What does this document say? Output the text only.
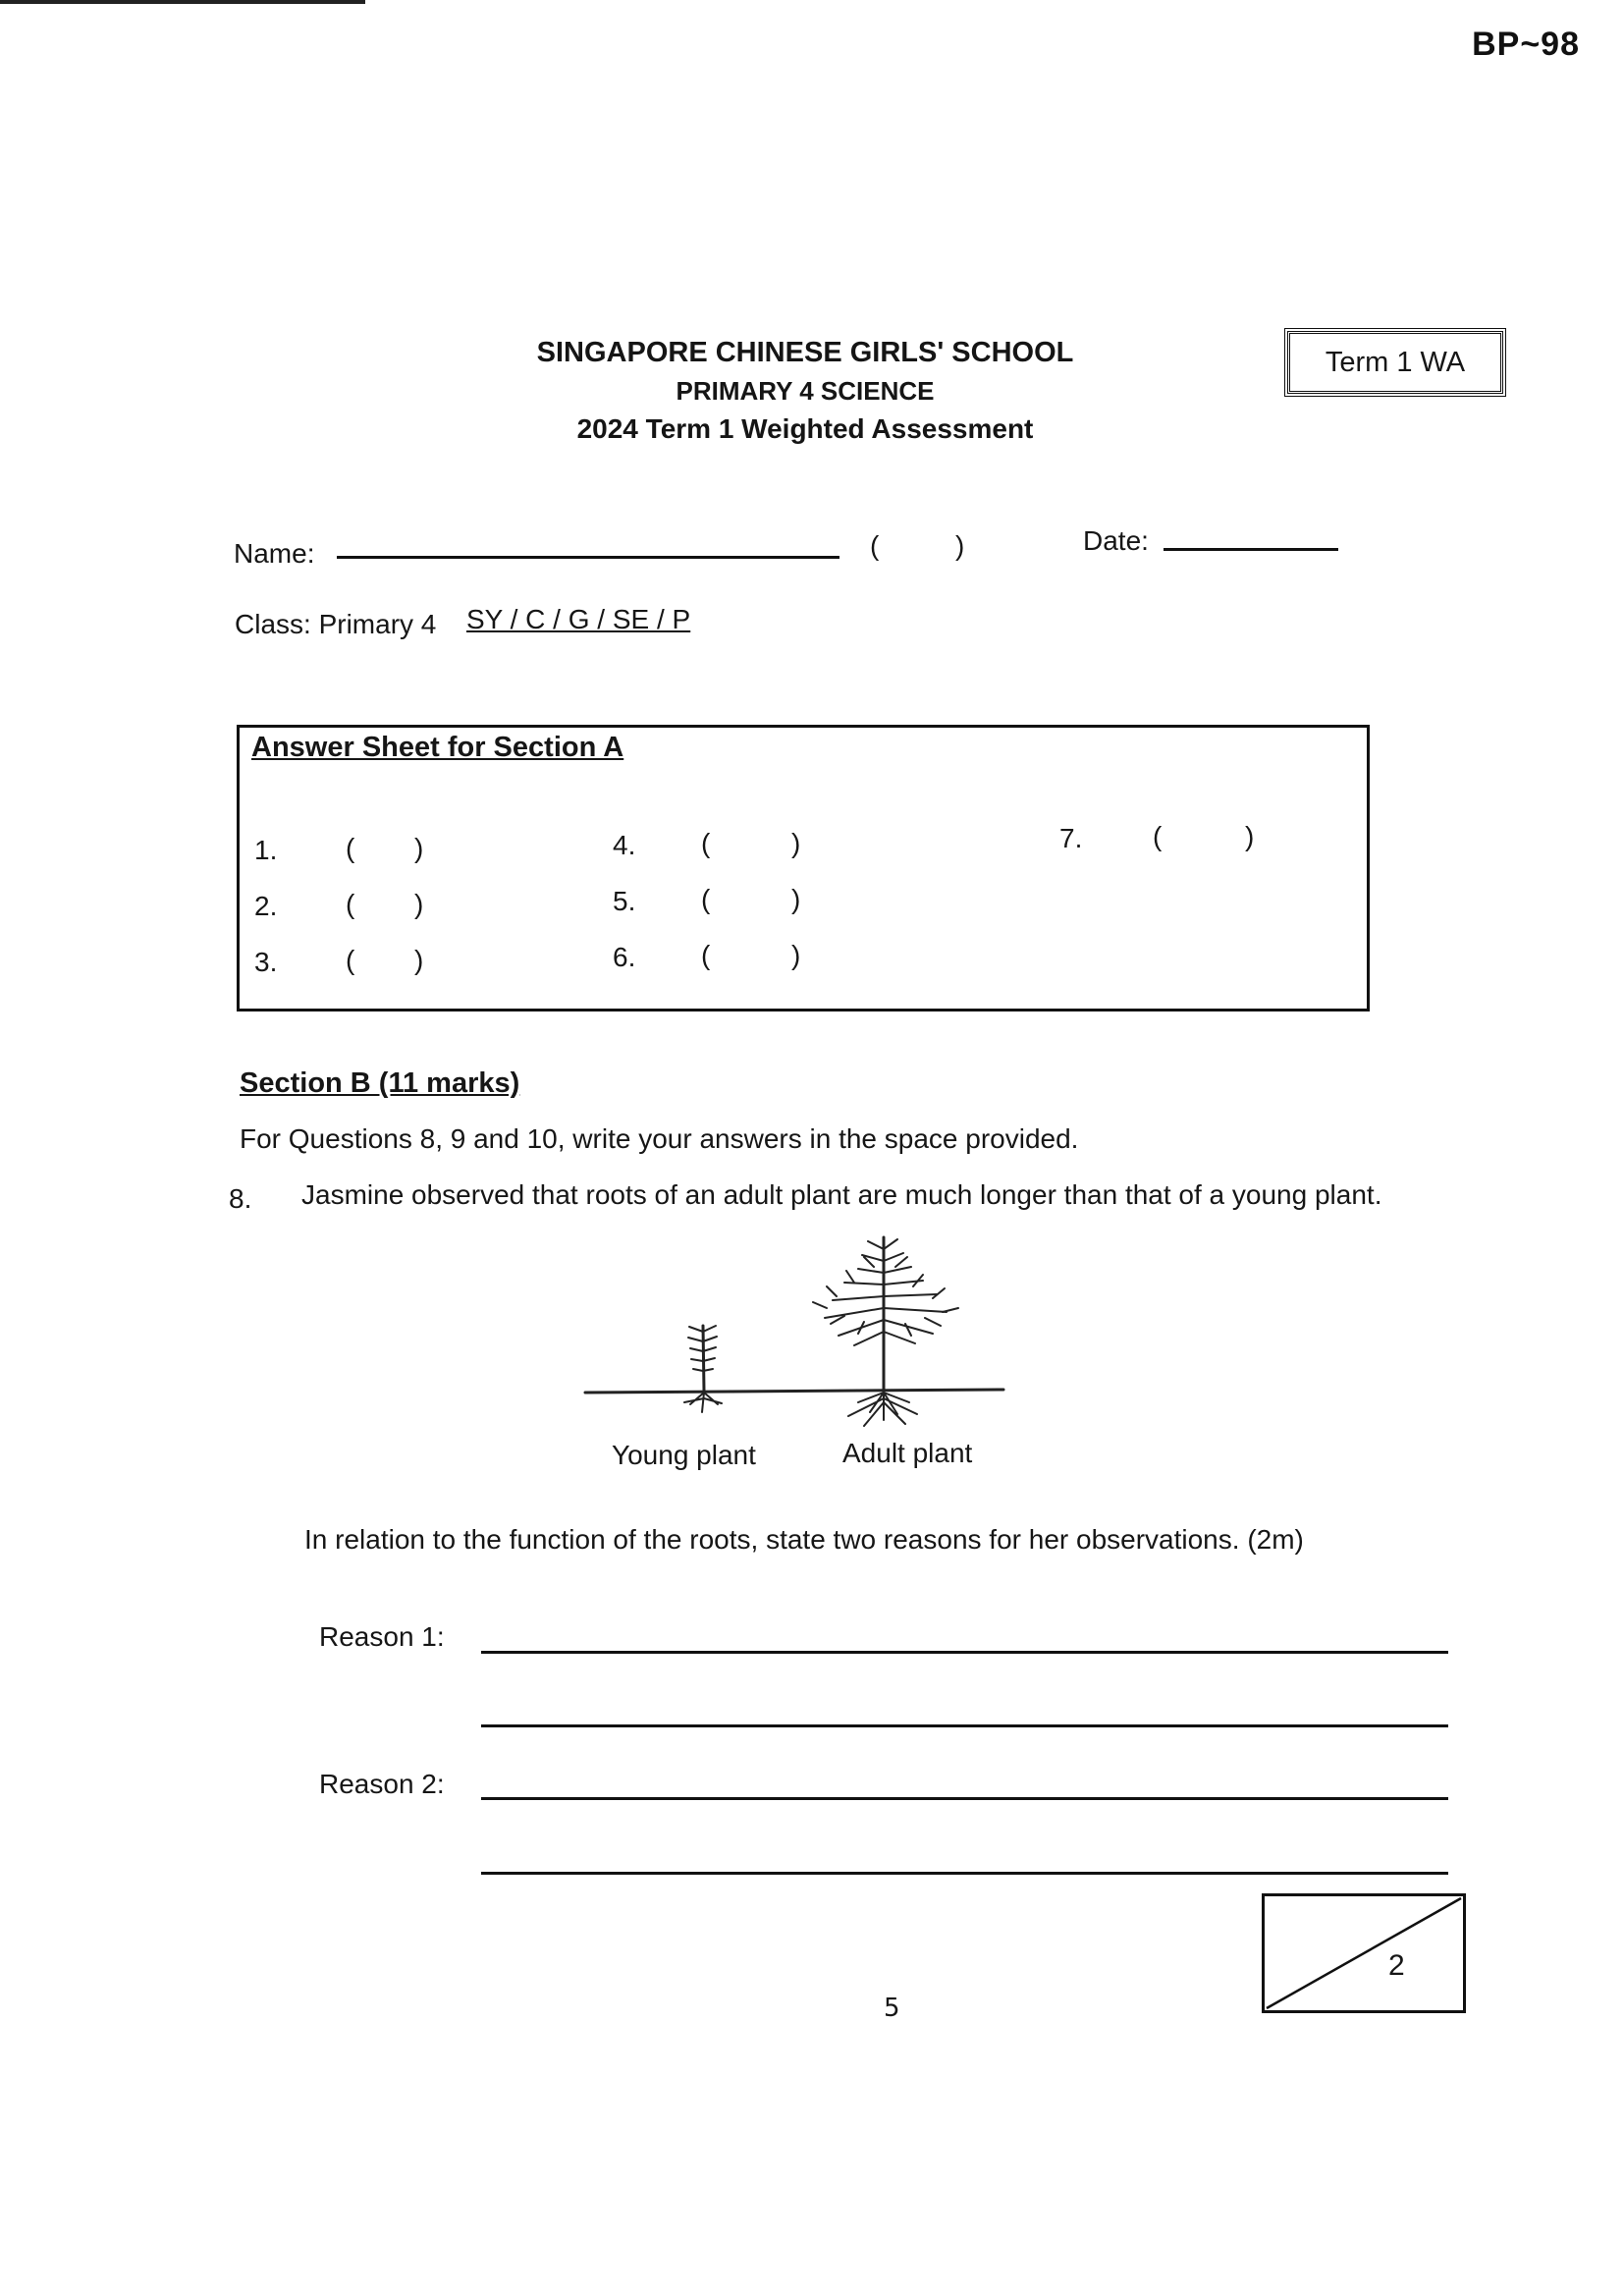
BP~98
SINGAPORE CHINESE GIRLS' SCHOOL
PRIMARY 4 SCIENCE
2024 Term 1 Weighted Assessment
Term 1 WA
Name:	(	)	Date:
Class: Primary 4 SY / C / G / SE / P
Answer Sheet for Section A
1. ( )
2. ( )
3. ( )
4. (	)
5. (	)
6. (	)
7.	(	)
Section B (11 marks)
For Questions 8, 9 and 10, write your answers in the space provided.
8. Jasmine observed that roots of an adult plant are much longer than that of a young plant.
Young plant	Adult plant
In relation to the function of the roots, state two reasons for her observations. (2m)
Reason 1:
Reason 2:
2
5
